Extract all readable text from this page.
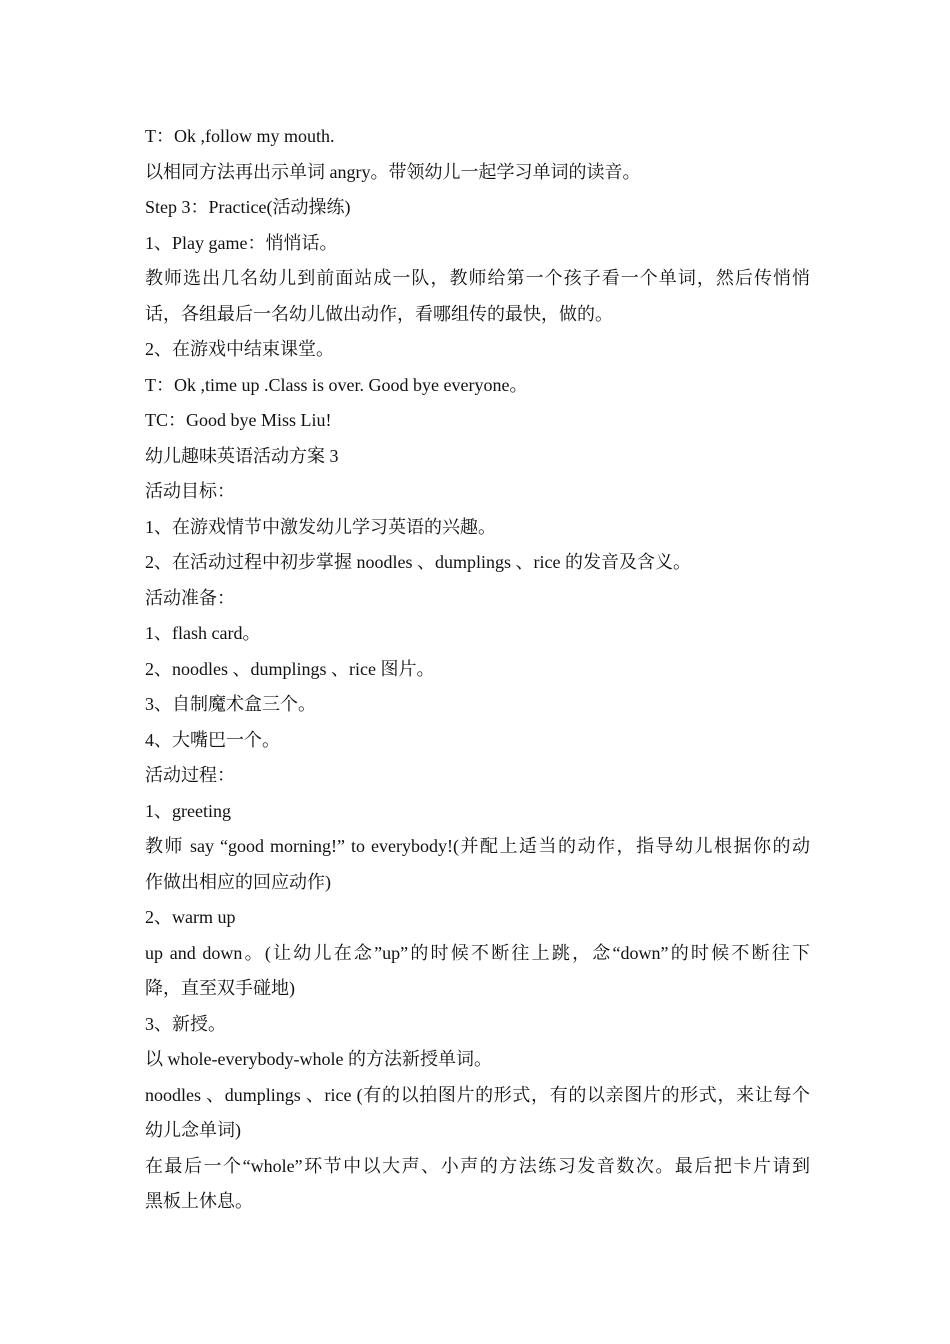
T：Ok ,follow my mouth.
以相同方法再出示单词 angry。带领幼儿一起学习单词的读音。
Step 3：Practice(活动操练)
1、Play game：悄悄话。
教师选出几名幼儿到前面站成一队，教师给第一个孩子看一个单词，然后传悄悄
话，各组最后一名幼儿做出动作，看哪组传的最快，做的。
2、在游戏中结束课堂。
T：Ok ,time up .Class is over. Good bye everyone。
TC：Good bye Miss Liu!
幼儿趣味英语活动方案 3
活动目标：
1、在游戏情节中激发幼儿学习英语的兴趣。
2、在活动过程中初步掌握 noodles 、dumplings 、rice 的发音及含义。
活动准备：
1、flash card。
2、noodles 、dumplings 、rice 图片。
3、自制魔术盒三个。
4、大嘴巴一个。
活动过程：
1、greeting
教师 say “good morning!” to everybody!(并配上适当的动作，指导幼儿根据你的动
作做出相应的回应动作)
2、warm up
up and down。(让幼儿在念”up”的时候不断往上跳，念“down”的时候不断往下
降，直至双手碰地)
3、新授。
以 whole-everybody-whole 的方法新授单词。
noodles 、dumplings 、rice (有的以拍图片的形式，有的以亲图片的形式，来让每个
幼儿念单词)
在最后一个“whole”环节中以大声、小声的方法练习发音数次。最后把卡片请到
黑板上休息。
